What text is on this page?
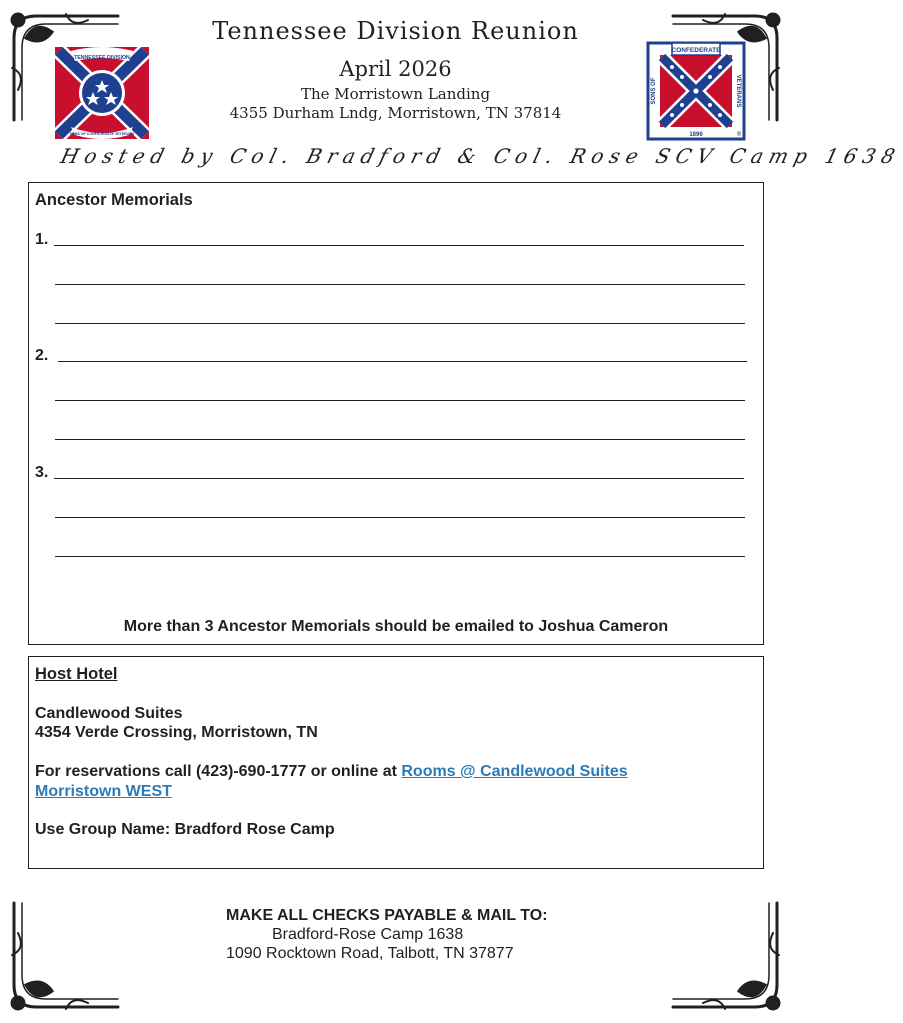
TENNESSEE DIVISION
SONS OF CONFEDERATE VETERANS
CONFEDERATE
SONS OF	VETERANS
1896	®
Tennessee Division Reunion
April 2026
The Morristown Landing
4355 Durham Lndg, Morristown, TN 37814
Hosted by Col. Bradford & Col. Rose SCV Camp 1638
Ancestor Memorials
1.
2.
3.
More than 3 Ancestor Memorials should be emailed to Joshua Cameron
Host Hotel
Candlewood Suites
4354 Verde Crossing, Morristown, TN
For reservations call (423)-690-1777 or online at Rooms @ Candlewood Suites
Morristown WEST
Use Group Name: Bradford Rose Camp
MAKE ALL CHECKS PAYABLE & MAIL TO:
Bradford-Rose Camp 1638
1090 Rocktown Road, Talbott, TN 37877
